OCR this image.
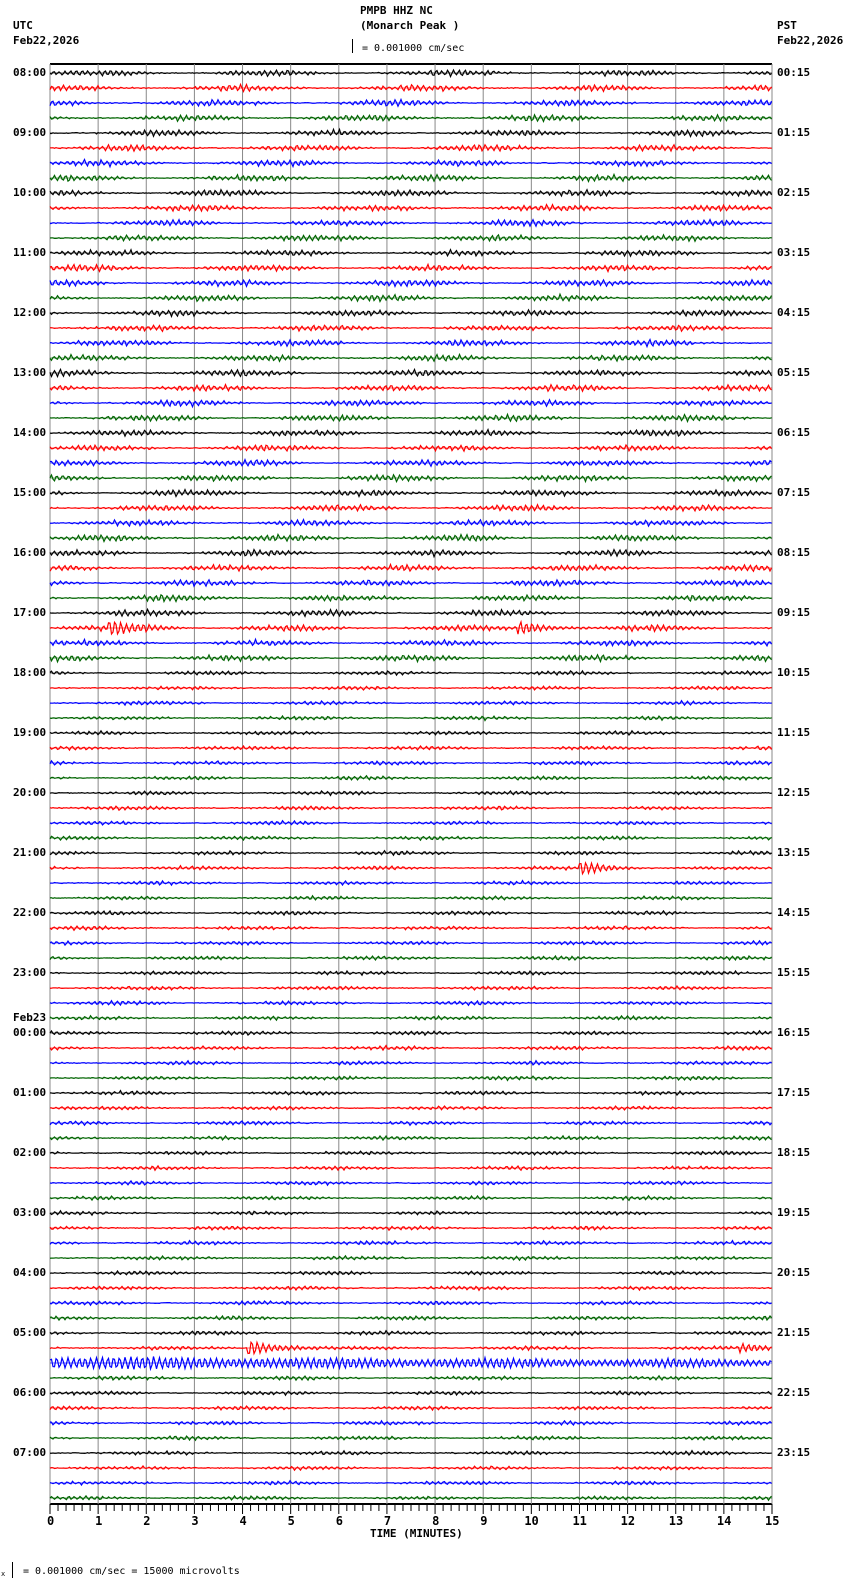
PMPB HHZ NC
(Monarch Peak )
= 0.001000 cm/sec
UTC
Feb22,2026
PST
Feb22,2026
0	1	2	3	4	5	6	7	8	9	10	11	12	13	14	15
TIME (MINUTES)
08:00	00:15
09:00	01:15
10:00	02:15
11:00	03:15
12:00	04:15
13:00	05:15
14:00	06:15
15:00	07:15
16:00	08:15
17:00	09:15
18:00	10:15
19:00	11:15
20:00	12:15
21:00	13:15
22:00	14:15
23:00	15:15
00:00	16:15
Feb23
01:00	17:15
02:00	18:15
03:00	19:15
04:00	20:15
05:00	21:15
06:00	22:15
07:00	23:15
x = 0.001000 cm/sec = 15000 microvolts
